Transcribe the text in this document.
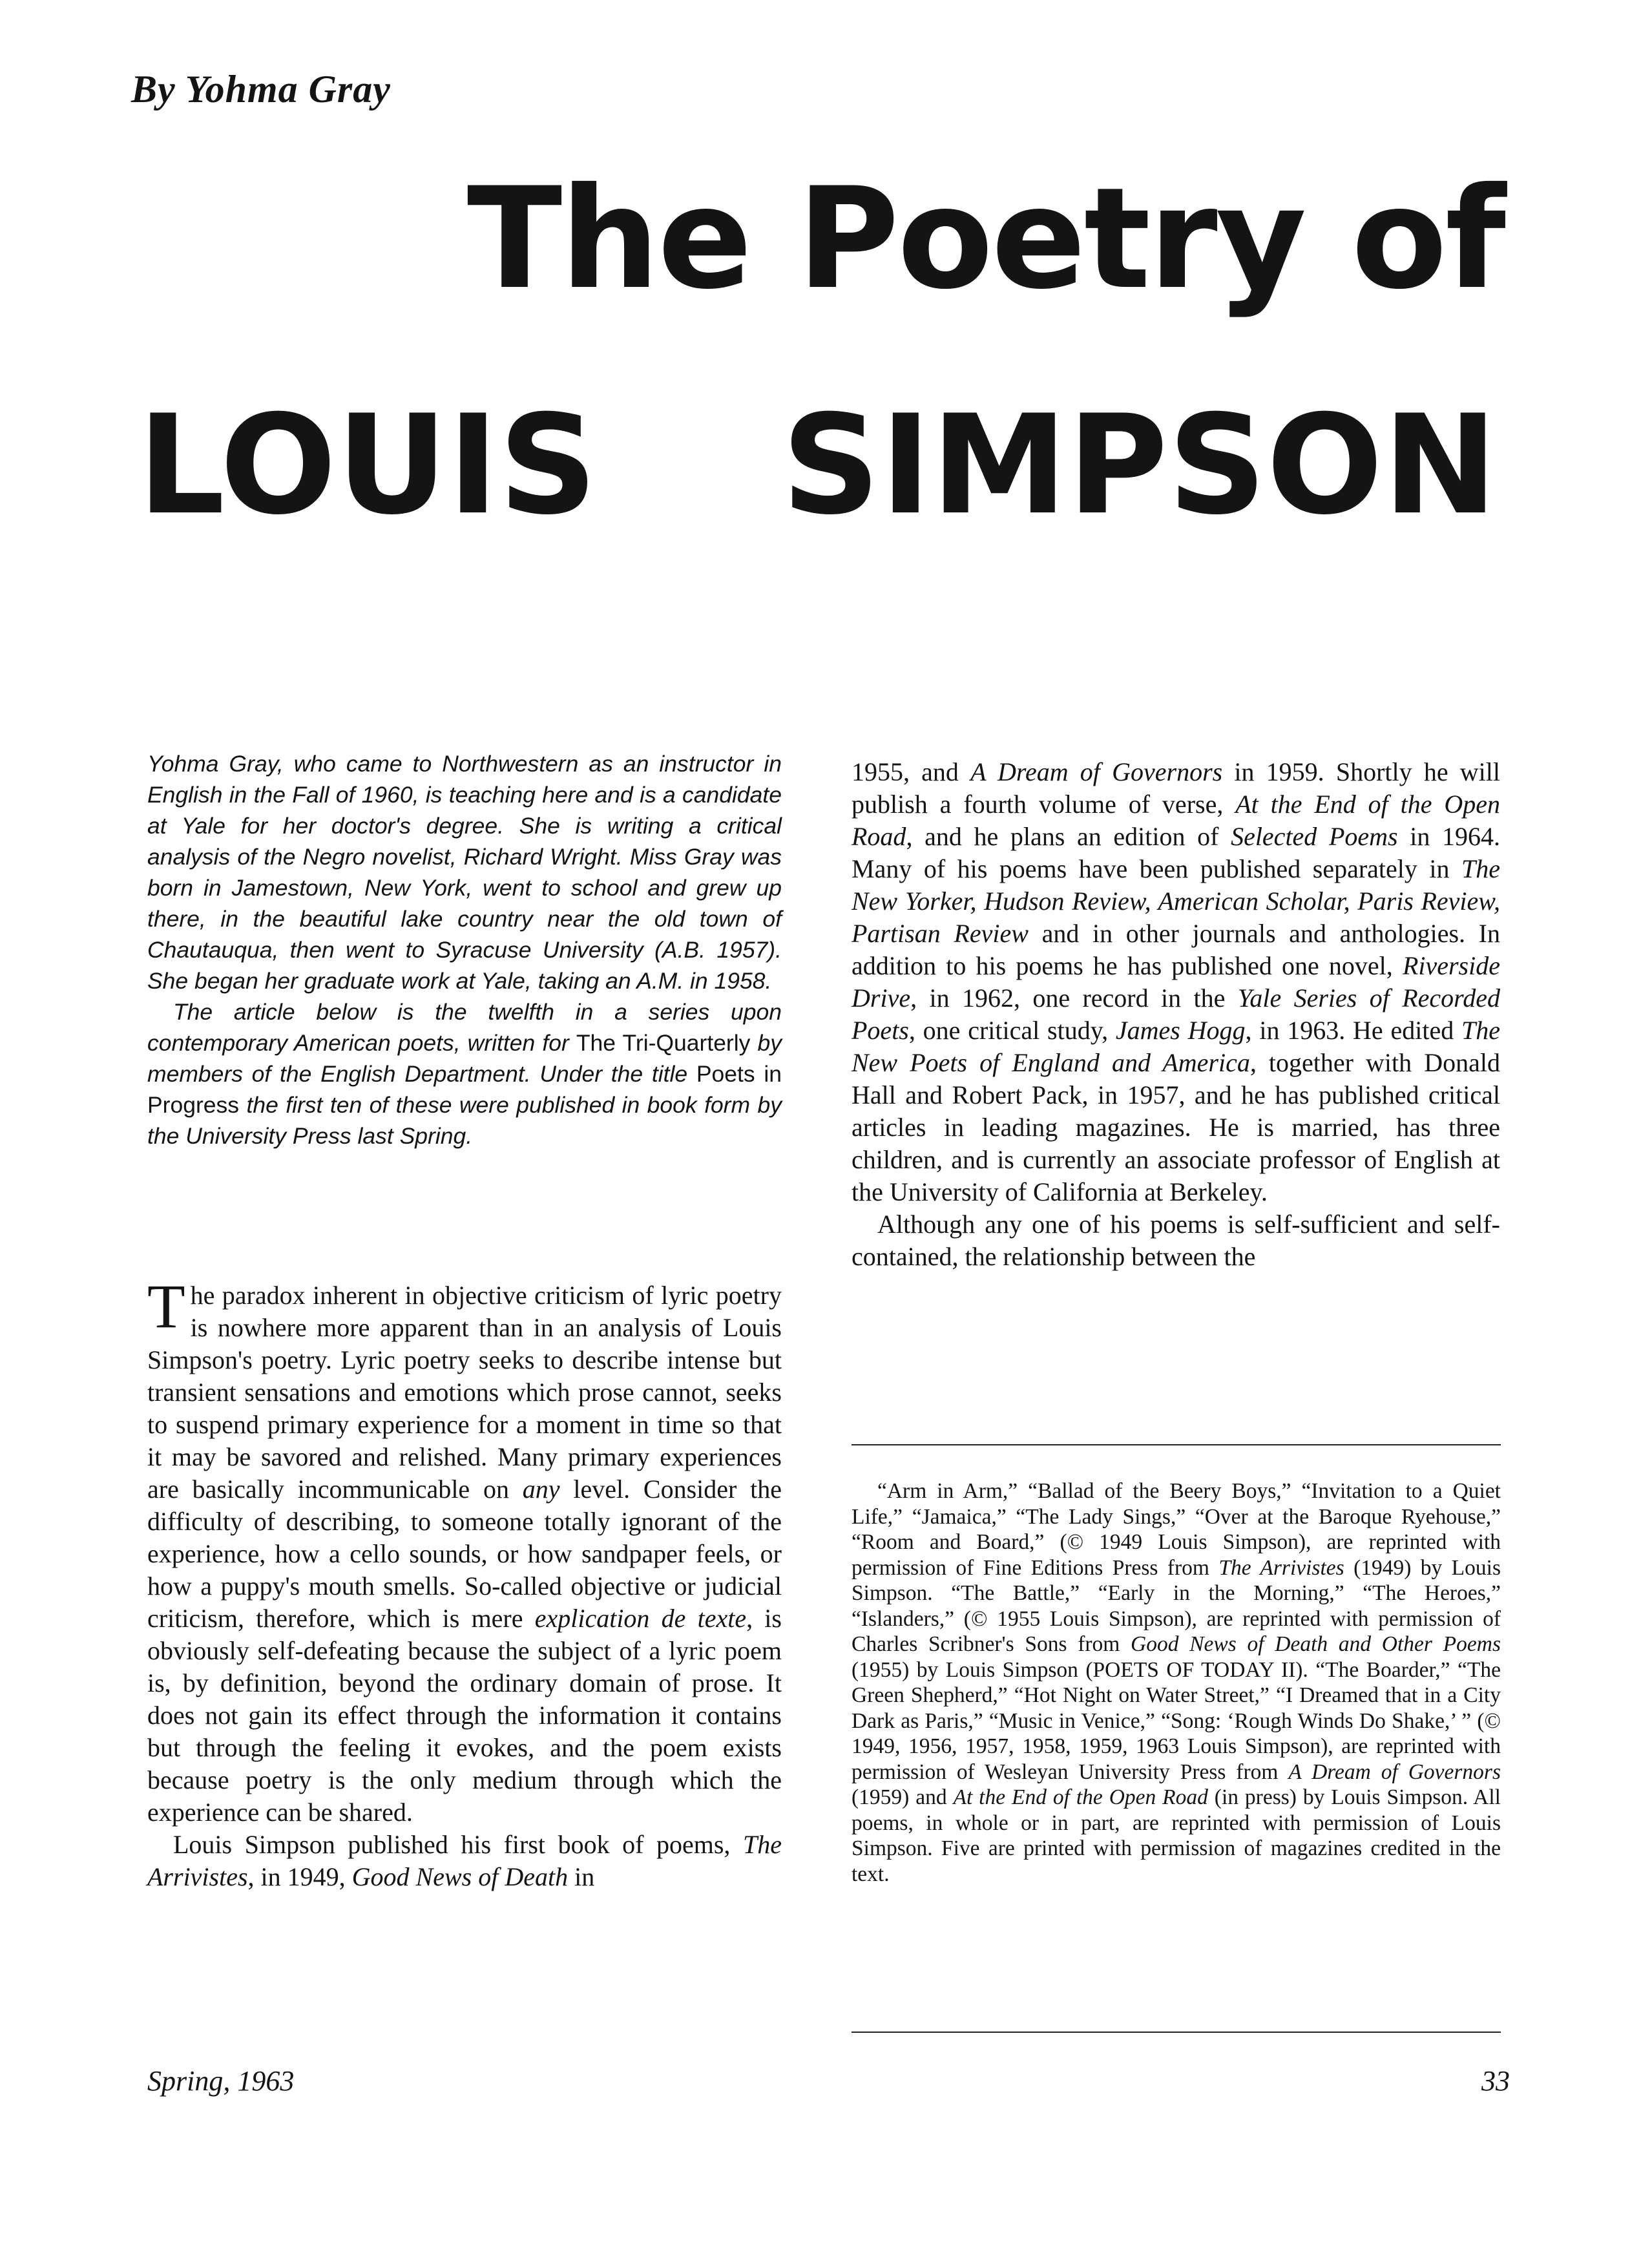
By Yohma Gray
The Poetry of
LOUIS SIMPSON

Yohma Gray, who came to Northwestern as an instructor in English in the Fall of 1960, is teaching here and is a candidate at Yale for her doctor's degree. She is writing a critical analysis of the Negro novelist, Richard Wright. Miss Gray was born in Jamestown, New York, went to school and grew up there, in the beautiful lake country near the old town of Chautauqua, then went to Syracuse University (A.B. 1957). She began her graduate work at Yale, taking an A.M. in 1958.

The article below is the twelfth in a series upon contemporary American poets, written for The Tri-Quarterly by members of the English Department. Under the title Poets in Progress the first ten of these were published in book form by the University Press last Spring.

The paradox inherent in objective criticism of lyric poetry is nowhere more apparent than in an analysis of Louis Simpson's poetry. Lyric poetry seeks to describe intense but transient sensations and emotions which prose cannot, seeks to suspend primary experience for a moment in time so that it may be savored and relished. Many primary experiences are basically incommunicable on any level. Consider the difficulty of describing, to someone totally ignorant of the experience, how a cello sounds, or how sandpaper feels, or how a puppy's mouth smells. So-called objective or judicial criticism, therefore, which is mere explication de texte, is obviously self-defeating because the subject of a lyric poem is, by definition, beyond the ordinary domain of prose. It does not gain its effect through the information it contains but through the feeling it evokes, and the poem exists because poetry is the only medium through which the experience can be shared.

Louis Simpson published his first book of poems, The Arrivistes, in 1949, Good News of Death in

1955, and A Dream of Governors in 1959. Shortly he will publish a fourth volume of verse, At the End of the Open Road, and he plans an edition of Selected Poems in 1964. Many of his poems have been published separately in The New Yorker, Hudson Review, American Scholar, Paris Review, Partisan Review and in other journals and anthologies. In addition to his poems he has published one novel, Riverside Drive, in 1962, one record in the Yale Series of Recorded Poets, one critical study, James Hogg, in 1963. He edited The New Poets of England and America, together with Donald Hall and Robert Pack, in 1957, and he has published critical articles in leading magazines. He is married, has three children, and is currently an associate professor of English at the University of California at Berkeley.

Although any one of his poems is self-sufficient and self-contained, the relationship between the

“Arm in Arm,” “Ballad of the Beery Boys,” “Invitation to a Quiet Life,” “Jamaica,” “The Lady Sings,” “Over at the Baroque Ryehouse,” “Room and Board,” (© 1949 Louis Simpson), are reprinted with permission of Fine Editions Press from The Arrivistes (1949) by Louis Simpson. “The Battle,” “Early in the Morning,” “The Heroes,” “Islanders,” (© 1955 Louis Simpson), are reprinted with permission of Charles Scribner's Sons from Good News of Death and Other Poems (1955) by Louis Simpson (POETS OF TODAY II). “The Boarder,” “The Green Shepherd,” “Hot Night on Water Street,” “I Dreamed that in a City Dark as Paris,” “Music in Venice,” “Song: ‘Rough Winds Do Shake,’ ” (© 1949, 1956, 1957, 1958, 1959, 1963 Louis Simpson), are reprinted with permission of Wesleyan University Press from A Dream of Governors (1959) and At the End of the Open Road (in press) by Louis Simpson. All poems, in whole or in part, are reprinted with permission of Louis Simpson. Five are printed with permission of magazines credited in the text.

Spring, 1963	33
